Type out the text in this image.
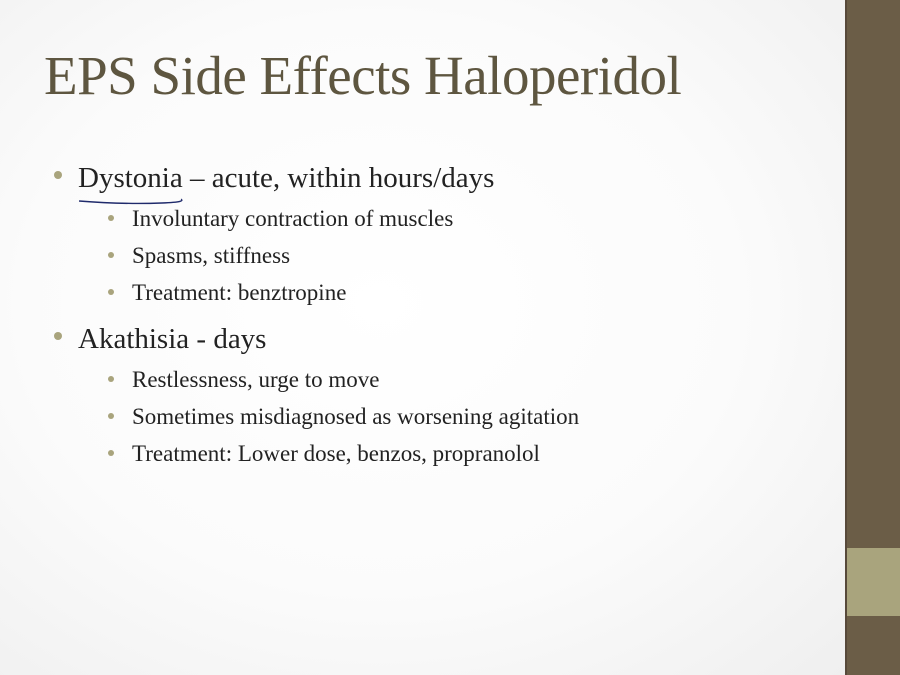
EPS Side Effects Haloperidol
Dystonia
– acute, within hours/days
Involuntary contraction of muscles
Spasms, stiffness
Treatment: benztropine
Akathisia - days
Restlessness, urge to move
Sometimes misdiagnosed as worsening agitation
Treatment: Lower dose, benzos, propranolol
